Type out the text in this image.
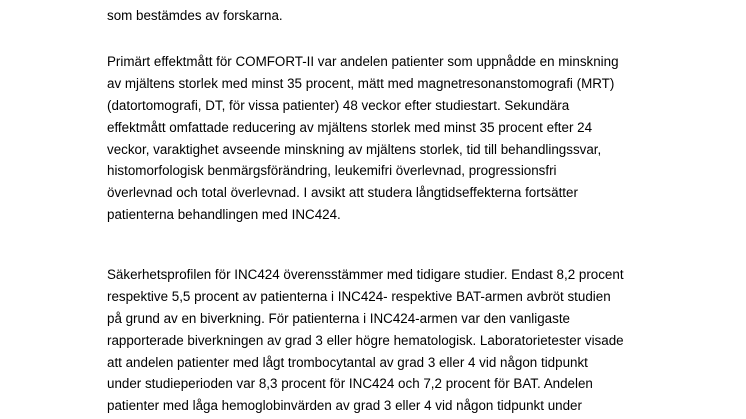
som bestämdes av forskarna.
Primärt effektmått för COMFORT-II var andelen patienter som uppnådde en minskning
av mjältens storlek med minst 35 procent, mätt med magnetresonanstomografi (MRT)
(datortomografi, DT, för vissa patienter) 48 veckor efter studiestart. Sekundära
effektmått omfattade reducering av mjältens storlek med minst 35 procent efter 24
veckor, varaktighet avseende minskning av mjältens storlek, tid till behandlingssvar,
histomorfologisk benmärgsförändring, leukemifri överlevnad, progressionsfri
överlevnad och total överlevnad. I avsikt att studera långtidseffekterna fortsätter
patienterna behandlingen med INC424.
Säkerhetsprofilen för INC424 överensstämmer med tidigare studier. Endast 8,2 procent
respektive 5,5 procent av patienterna i INC424- respektive BAT-armen avbröt studien
på grund av en biverkning. För patienterna i INC424-armen var den vanligaste
rapporterade biverkningen av grad 3 eller högre hematologisk. Laboratorietester visade
att andelen patienter med lågt trombocytantal av grad 3 eller 4 vid någon tidpunkt
under studieperioden var 8,3 procent för INC424 och 7,2 procent för BAT. Andelen
patienter med låga hemoglobinvärden av grad 3 eller 4 vid någon tidpunkt under
